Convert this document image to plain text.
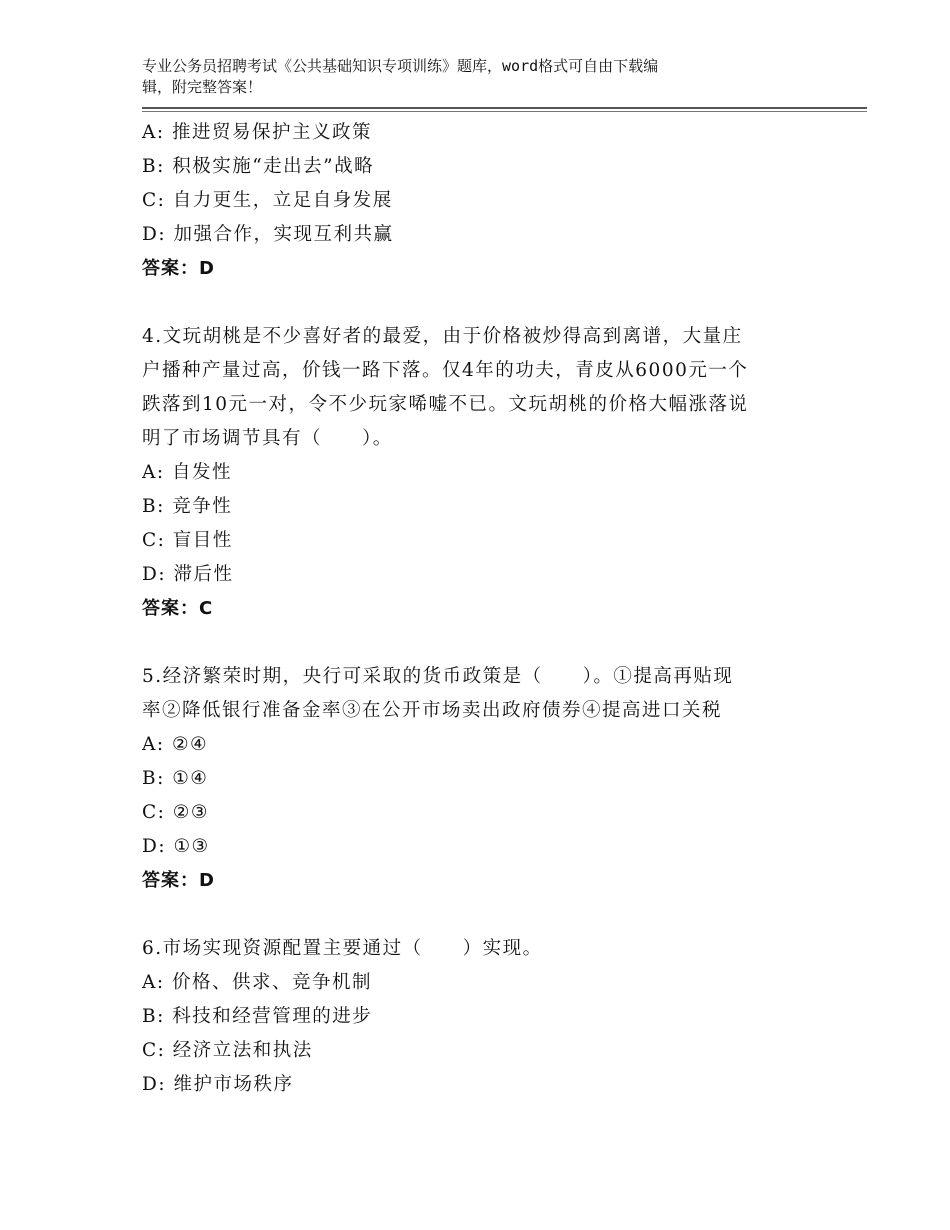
专业公务员招聘考试《公共基础知识专项训练》题库，word格式可自由下载编
辑，附完整答案！
A: 推进贸易保护主义政策
B: 积极实施“走出去”战略
C: 自力更生，立足自身发展
D: 加强合作，实现互利共赢
答案：D
4.文玩胡桃是不少喜好者的最爱，由于价格被炒得高到离谱，大量庄
户播种产量过高，价钱一路下落。仅4年的功夫，青皮从6000元一个
跌落到10元一对，令不少玩家唏嘘不已。文玩胡桃的价格大幅涨落说
明了市场调节具有（　　）。
A: 自发性
B: 竞争性
C: 盲目性
D: 滞后性
答案：C
5.经济繁荣时期，央行可采取的货币政策是（　　）。①提高再贴现
率②降低银行准备金率③在公开市场卖出政府债券④提高进口关税
A: ②④
B: ①④
C: ②③
D: ①③
答案：D
6.市场实现资源配置主要通过（　　）实现。
A: 价格、供求、竞争机制
B: 科技和经营管理的进步
C: 经济立法和执法
D: 维护市场秩序
